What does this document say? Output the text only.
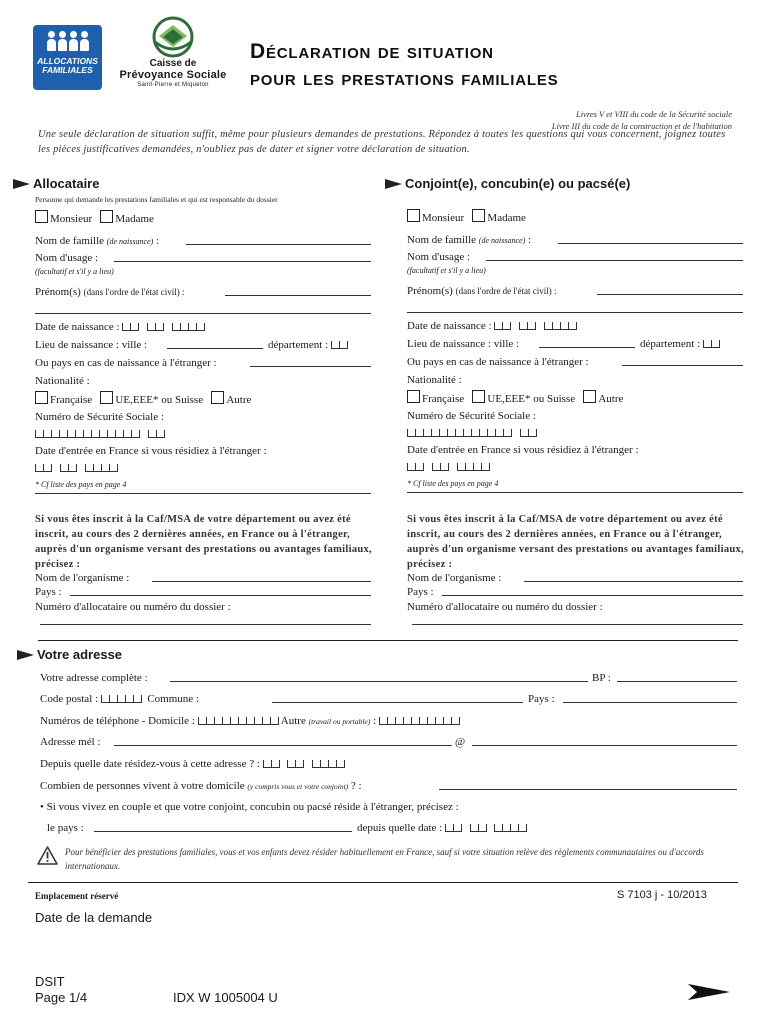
ALLOCATIONS FAMILIALES
Caisse de
Prévoyance Sociale
Saint-Pierre et Miquelon
Déclaration de situation
pour les prestations familiales
Livres V et VIII du code de la Sécurité sociale
Livre III du code de la construction et de l'habitation
Une seule déclaration de situation suffit, même pour plusieurs demandes de prestations. Répondez à toutes les questions qui vous concernent, joignez toutes les pièces justificatives demandées, n'oubliez pas de dater et signer votre déclaration de situation.
Allocataire
Personne qui demande les prestations familiales et qui est responsable du dossier
Monsieur Madame
Nom de famille (de naissance) :
Nom d'usage :
(facultatif et s'il y a lieu)
Prénom(s) (dans l'ordre de l'état civil) :
Date de naissance :
Lieu de naissance : ville :	département :
Ou pays en cas de naissance à l'étranger :
Nationalité :
Française UE,EEE* ou Suisse Autre
Numéro de Sécurité Sociale :

Date d'entrée en France si vous résidiez à l'étranger :

* Cf liste des pays en page 4
Si vous êtes inscrit à la Caf/MSA de votre département ou avez été inscrit, au cours des 2 dernières années, en France ou à l'étranger, auprès d'un organisme versant des prestations ou avantages familiaux, précisez :
Nom de l'organisme :
Pays :
Numéro d'allocataire ou numéro du dossier :
Conjoint(e), concubin(e) ou pacsé(e)
Monsieur Madame
Nom de famille (de naissance) :
Nom d'usage :
(facultatif et s'il y a lieu)
Prénom(s) (dans l'ordre de l'état civil) :
Date de naissance :
Lieu de naissance : ville :	département :
Ou pays en cas de naissance à l'étranger :
Nationalité :
Française UE,EEE* ou Suisse Autre
Numéro de Sécurité Sociale :

Date d'entrée en France si vous résidiez à l'étranger :

* Cf liste des pays en page 4
Si vous êtes inscrit à la Caf/MSA de votre département ou avez été inscrit, au cours des 2 dernières années, en France ou à l'étranger, auprès d'un organisme versant des prestations ou avantages familiaux, précisez :
Nom de l'organisme :
Pays :
Numéro d'allocataire ou numéro du dossier :
Votre adresse
Votre adresse complète :	BP :
Code postal :	Commune :	Pays :
Numéros de téléphone - Domicile :	Autre (travail ou portable) :
Adresse mél :	@
Depuis quelle date résidez-vous à cette adresse ? :
Combien de personnes vivent à votre domicile (y compris vous et votre conjoint) ? :
• Si vous vivez en couple et que votre conjoint, concubin ou pacsé réside à l'étranger, précisez :
le pays :	depuis quelle date :
Pour bénéficier des prestations familiales, vous et vos enfants devez résider habituellement en France, sauf si votre situation relève des règlements communautaires ou d'accords internationaux.
Emplacement réservé	S 7103 j - 10/2013
Date de la demande
DSIT
Page 1/4	IDX W 1005004 U
